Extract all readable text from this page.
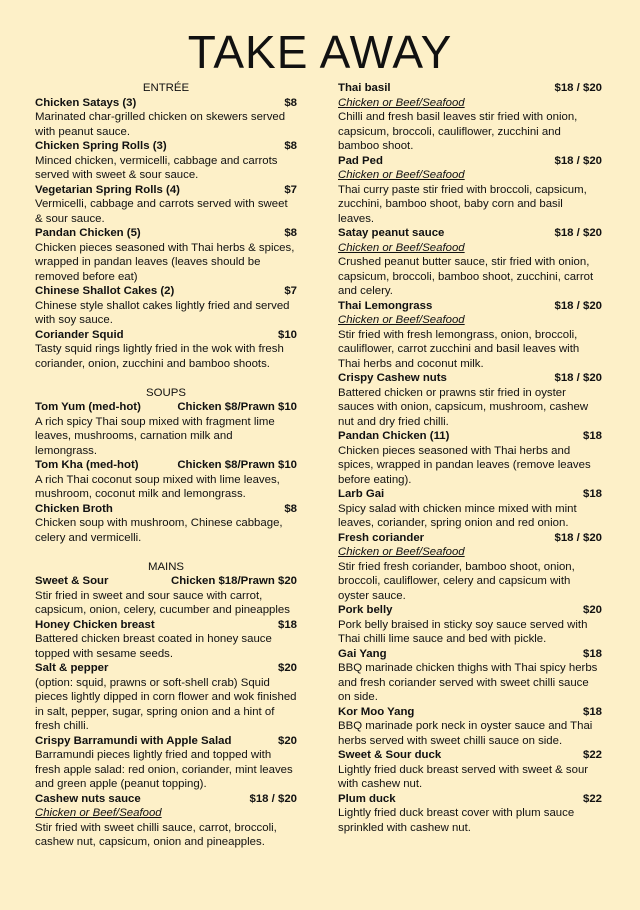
TAKE AWAY
ENTRÉE
Chicken Satays (3)	$8

Marinated char-grilled chicken on skewers served with peanut sauce.

Chicken Spring Rolls (3)	$8

Minced chicken, vermicelli, cabbage and carrots served with sweet & sour sauce.

Vegetarian Spring Rolls (4)	$7

Vermicelli, cabbage and carrots served with sweet & sour sauce.

Pandan Chicken (5)	$8

Chicken pieces seasoned with Thai herbs & spices, wrapped in pandan leaves (leaves should be removed before eat)

Chinese Shallot Cakes (2)	$7

Chinese style shallot cakes lightly fried and served with soy sauce.

Coriander Squid	$10

Tasty squid rings lightly fried in the wok with fresh coriander, onion, zucchini and bamboo shoots.

SOUPS
Tom Yum (med-hot)	Chicken $8/Prawn $10

A rich spicy Thai soup mixed with fragment lime leaves, mushrooms, carnation milk and lemongrass.

Tom Kha (med-hot)	Chicken $8/Prawn $10

A rich Thai coconut soup mixed with lime leaves, mushroom, coconut milk and lemongrass.

Chicken Broth	$8

Chicken soup with mushroom, Chinese cabbage, celery and vermicelli.

MAINS
Sweet & Sour	Chicken $18/Prawn $20

Stir fried in sweet and sour sauce with carrot, capsicum, onion, celery, cucumber and pineapples

Honey Chicken breast	$18

Battered chicken breast coated in honey sauce topped with sesame seeds.

Salt & pepper	$20

(option: squid, prawns or soft-shell crab) Squid pieces lightly dipped in corn flower and wok finished in salt, pepper, sugar, spring onion and a hint of fresh chilli.

Crispy Barramundi with Apple Salad	$20

Barramundi pieces lightly fried and topped with fresh apple salad: red onion, coriander, mint leaves and green apple (peanut topping).

Cashew nuts sauce	$18 / $20
Chicken or Beef/Seafood

Stir fried with sweet chilli sauce, carrot, broccoli, cashew nut, capsicum, onion and pineapples.

Thai basil	$18 / $20
Chicken or Beef/Seafood

Chilli and fresh basil leaves stir fried with onion, capsicum, broccoli, cauliflower, zucchini and bamboo shoot.

Pad Ped	$18 / $20
Chicken or Beef/Seafood

Thai curry paste stir fried with broccoli, capsicum, zucchini, bamboo shoot, baby corn and basil leaves.

Satay peanut sauce	$18 / $20
Chicken or Beef/Seafood

Crushed peanut butter sauce, stir fried with onion, capsicum, broccoli, bamboo shoot, zucchini, carrot and celery.

Thai Lemongrass	$18 / $20
Chicken or Beef/Seafood

Stir fried with fresh lemongrass, onion, broccoli, cauliflower, carrot zucchini and basil leaves with Thai herbs and coconut milk.

Crispy Cashew nuts	$18 / $20

Battered chicken or prawns stir fried in oyster sauces with onion, capsicum, mushroom, cashew nut and dry fried chilli.

Pandan Chicken (11)	$18

Chicken pieces seasoned with Thai herbs and spices, wrapped in pandan leaves (remove leaves before eating).

Larb Gai	$18

Spicy salad with chicken mince mixed with mint leaves, coriander, spring onion and red onion.

Fresh coriander	$18 / $20
Chicken or Beef/Seafood

Stir fried fresh coriander, bamboo shoot, onion, broccoli, cauliflower, celery and capsicum with oyster sauce.

Pork belly	$20

Pork belly braised in sticky soy sauce served with Thai chilli lime sauce and bed with pickle.

Gai Yang	$18

BBQ marinade chicken thighs with Thai spicy herbs and fresh coriander served with sweet chilli sauce on side.

Kor Moo Yang	$18

BBQ marinade pork neck in oyster sauce and Thai herbs served with sweet chilli sauce on side.

Sweet & Sour duck	$22

Lightly fried duck breast served with sweet & sour with cashew nut.

Plum duck	$22

Lightly fried duck breast cover with plum sauce sprinkled with cashew nut.
